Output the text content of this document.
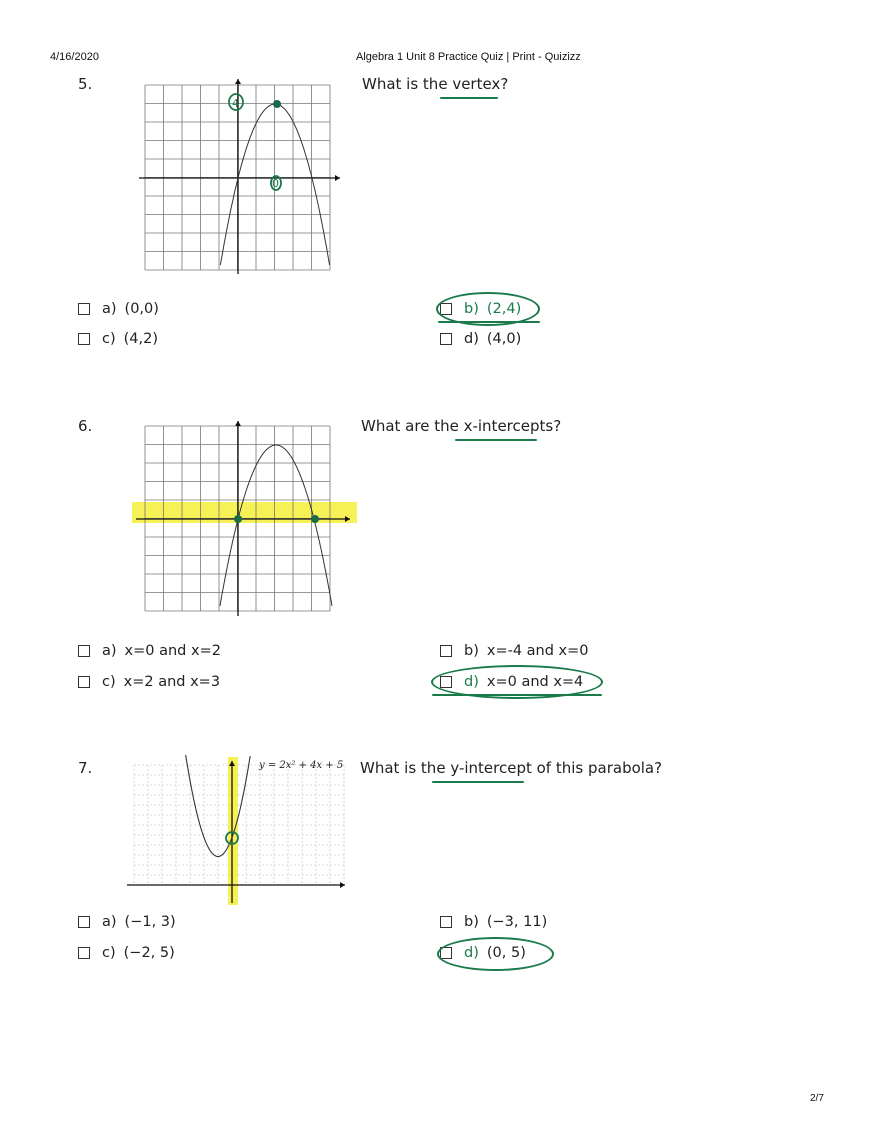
4/16/2020	Algebra 1 Unit 8 Practice Quiz | Print - Quizizz
5.
4
0
What is the vertex?
a) (0,0)	b) (2,4)
c) (4,2)	d) (4,0)
6.	What are the x-intercepts?
a) x=0 and x=2	b) x=-4 and x=0
c) x=2 and x=3	d) x=0 and x=4
7.	y = 2x² + 4x + 5 What is the y-intercept of this parabola?
a) (−1, 3)	b) (−3, 11)
c) (−2, 5)	d) (0, 5)
2/7
